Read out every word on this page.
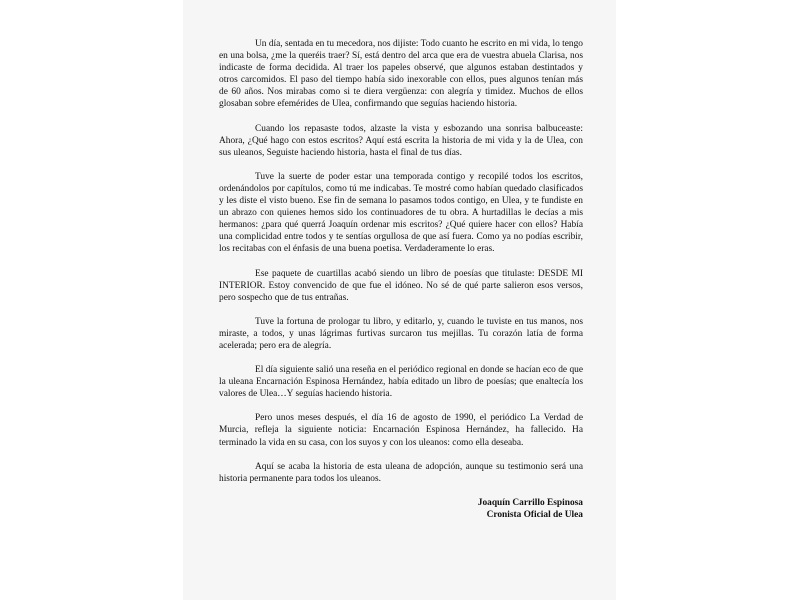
Un día, sentada en tu mecedora, nos dijiste: Todo cuanto he escrito en mi vida, lo tengo en una bolsa, ¿me la queréis traer? Sí, está dentro del arca que era de vuestra abuela Clarisa, nos indicaste de forma decidida. Al traer los papeles observé, que algunos estaban destintados y otros carcomidos. El paso del tiempo había sido inexorable con ellos, pues algunos tenían más de 60 años. Nos mirabas como si te diera vergüenza: con alegría y timidez. Muchos de ellos glosaban sobre efemérides de Ulea, confirmando que seguías haciendo historia.

Cuando los repasaste todos, alzaste la vista y esbozando una sonrisa balbuceaste: Ahora, ¿Qué hago con estos escritos? Aquí está escrita la historia de mi vida y la de Ulea, con sus uleanos, Seguiste haciendo historia, hasta el final de tus días.

Tuve la suerte de poder estar una temporada contigo y recopilé todos los escritos, ordenándolos por capítulos, como tú me indicabas. Te mostré como habían quedado clasificados y les diste el visto bueno. Ese fin de semana lo pasamos todos contigo, en Ulea, y te fundiste en un abrazo con quienes hemos sido los continuadores de tu obra. A hurtadillas le decías a mis hermanos: ¿para qué querrá Joaquín ordenar mis escritos? ¿Qué quiere hacer con ellos? Había una complicidad entre todos y te sentías orgullosa de que así fuera. Como ya no podías escribir, los recitabas con el énfasis de una buena poetisa. Verdaderamente lo eras.

Ese paquete de cuartillas acabó siendo un libro de poesías que titulaste: DESDE MI INTERIOR. Estoy convencido de que fue el idóneo. No sé de qué parte salieron esos versos, pero sospecho que de tus entrañas.

Tuve la fortuna de prologar tu libro, y editarlo, y, cuando le tuviste en tus manos, nos miraste, a todos, y unas lágrimas furtivas surcaron tus mejillas. Tu corazón latía de forma acelerada; pero era de alegría.

El día siguiente salió una reseña en el periódico regional en donde se hacían eco de que la uleana Encarnación Espinosa Hernández, había editado un libro de poesías; que enaltecía los valores de Ulea…Y seguías haciendo historia.

Pero unos meses después, el día 16 de agosto de 1990, el periódico La Verdad de Murcia, refleja la siguiente noticia: Encarnación Espinosa Hernández, ha fallecido. Ha terminado la vida en su casa, con los suyos y con los uleanos: como ella deseaba.

Aquí se acaba la historia de esta uleana de adopción, aunque su testimonio será una historia permanente para todos los uleanos.

Joaquín Carrillo Espinosa
Cronista Oficial de Ulea
